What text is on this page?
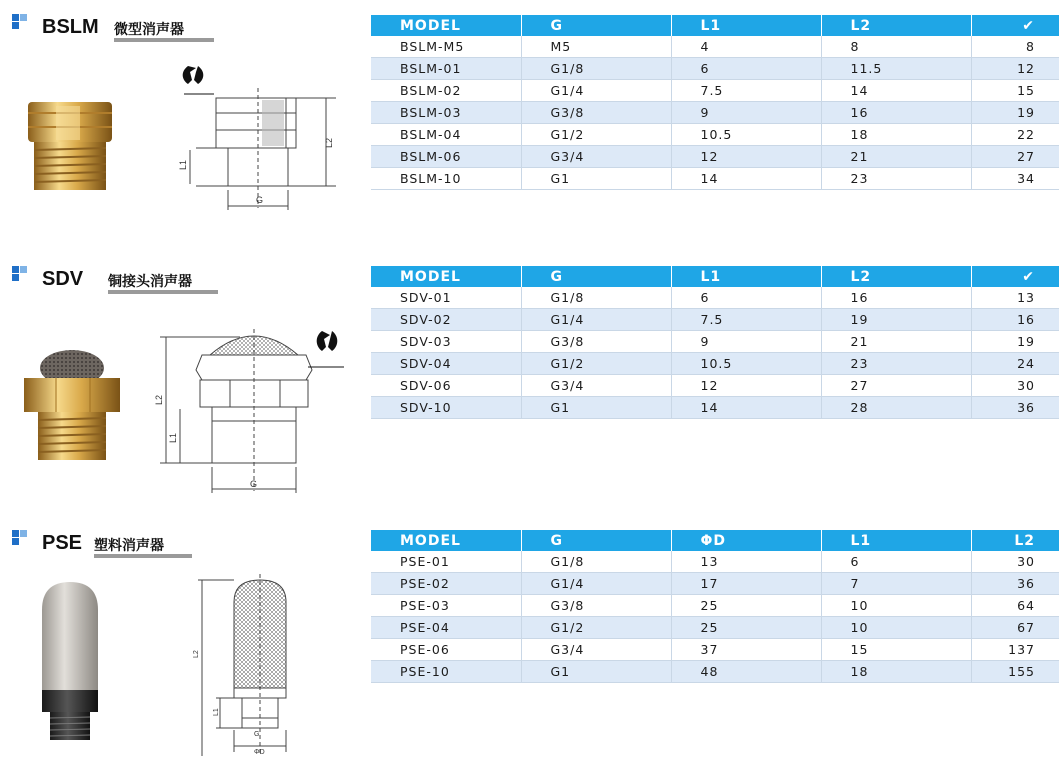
BSLM 微型消声器
L1
L2
G
MODEL	G	L1	L2	✔
BSLM-M5	M5	4	8	8
BSLM-01	G1/8	6	11.5	12
BSLM-02	G1/4	7.5	14	15
BSLM-03	G3/8	9	16	19
BSLM-04	G1/2	10.5	18	22
BSLM-06	G3/4	12	21	27
BSLM-10	G1	14	23	34
SDV 铜接头消声器
L2
L1
G
MODEL	G	L1	L2	✔
SDV-01	G1/8	6	16	13
SDV-02	G1/4	7.5	19	16
SDV-03	G3/8	9	21	19
SDV-04	G1/2	10.5	23	24
SDV-06	G3/4	12	27	30
SDV-10	G1	14	28	36
PSE 塑料消声器
L2
L1
G
ΦD
MODEL	G	ΦD	L1	L2
PSE-01	G1/8	13	6	30
PSE-02	G1/4	17	7	36
PSE-03	G3/8	25	10	64
PSE-04	G1/2	25	10	67
PSE-06	G3/4	37	15	137
PSE-10	G1	48	18	155
